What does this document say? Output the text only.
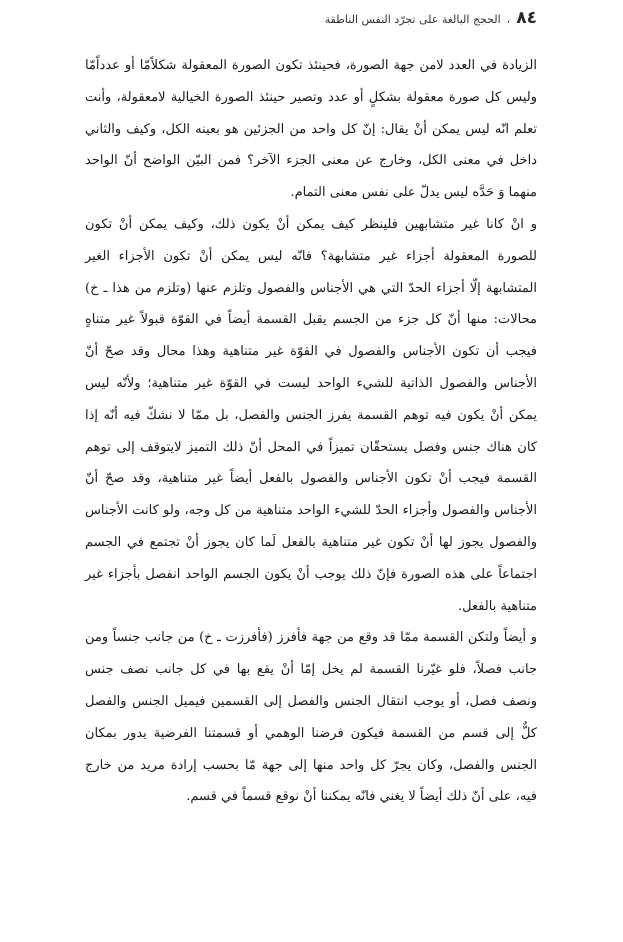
٨٤
،
الحجج البالغة على تجرّد النفس الناطقة

الزيادة في العدد لامن جهة الصورة، فحينئذ تكون الصورة المعقولة شكلاًمّا أو عدداًمّا وليس كل صورة معقولة بشكلٍ أو عدد وتصير حينئذ الصورة الخيالية لامعقولة، وأنت تعلم انّه ليس يمكن أنْ يقال: إنّ كل واحد من الجزئين هو بعينه الكل، وكيف والثاني داخل في معنى الكل، وخارج عن معنى الجزء الآخر؟ فمن البيّن الواضح أنّ الواحد منهما وَ حَدَّه ليس يدلّ على نفس معنى التمام.

و انْ كانا غير متشابهين فلينظر كيف يمكن أنْ يكون ذلك، وكيف يمكن أنْ تكون للصورة المعقولة أجزاء غير متشابهة؟ فانّه ليس يمكن أنْ تكون الأجزاء الغير المتشابهة إلّا أجزاء الحدّ التي هي الأجناس والفصول وتلزم عنها (وتلزم من هذا ـ خ) محالات: منها أنّ كل جزء من الجسم يقبل القسمة أيضاً في القوّة قبولاً غير متناهٍ فيجب أن تكون الأجناس والفصول في القوّة غير متناهية وهذا محال وقد صحّ أنّ الأجناس والفصول الذاتية للشيء الواحد ليست في القوّة غير متناهية؛ ولأنّه ليس يمكن أنْ يكون فيه توهم القسمة يفرز الجنس والفصل، بل ممّا لا نشكّ فيه أنّه إذا كان هناك جنس وفصل يستحقّان تميزاً في المحل أنّ ذلك التميز لايتوقف إلى توهم القسمة فيجب أنْ تكون الأجناس والفصول بالفعل أيضاً غير متناهية، وقد صحّ أنّ الأجناس والفصول وأجزاء الحدّ للشيء الواحد متناهية من كل وجه، ولو كانت الأجناس والفصول يجوز لها أنْ تكون غير متناهية بالفعل لَما كان يجوز أنْ تجتمع في الجسم اجتماعاً على هذه الصورة فإنّ ذلك يوجب أنْ يكون الجسم الواحد انفصل بأجزاء غير متناهية بالفعل.

و أيضاً ولتكن القسمة ممّا قد وقع من جهة فأفرز (فأفرزت ـ خ) من جانب جنساً ومن جانب فصلاً، فلو غيّرنا القسمة لم يخل إمّا أنْ يقع بها في كل جانب نصف جنس ونصف فصل، أو يوجب انتقال الجنس والفصل إلى القسمين فيميل الجنس والفصل كلٌّ إلى قسم من القسمة فيكون فرضنا الوهمي أو قسمتنا الفرضية يدور بمكان الجنس والفصل، وكان يجرّ كل واحد منها إلى جهة مّا بحسب إرادة مريد من خارج فيه، على أنّ ذلك أيضاً لا يغني فانّه يمكننا أنْ نوقع قسماً في قسم.
